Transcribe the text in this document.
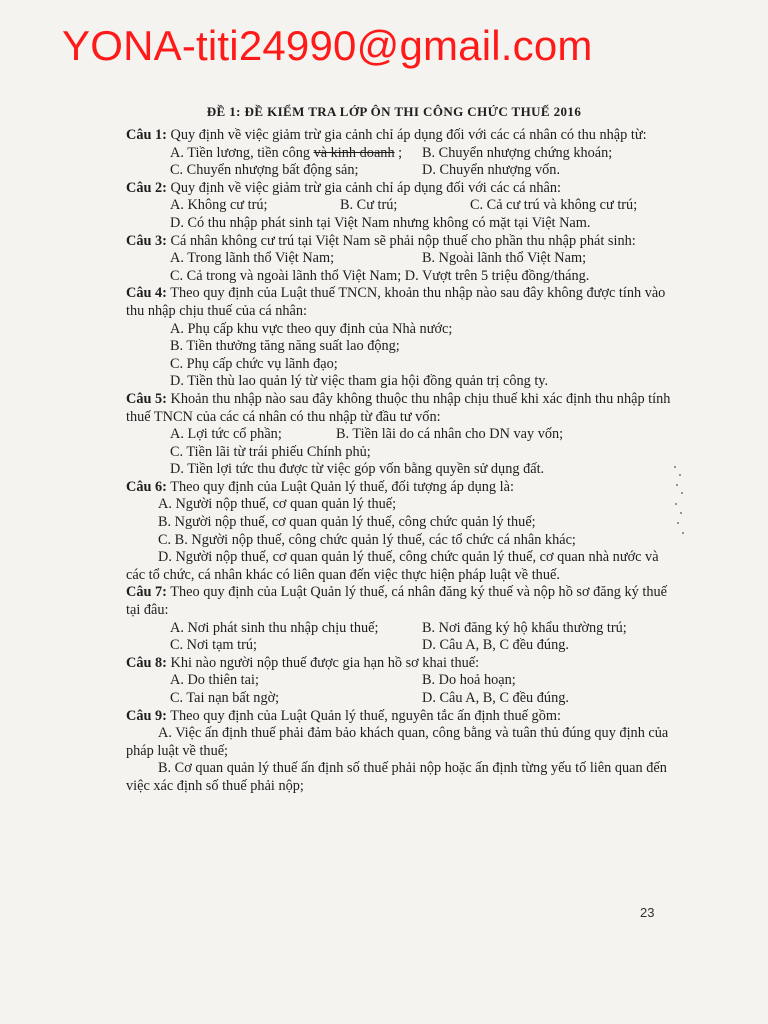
YONA-titi24990@gmail.com
ĐỀ 1: ĐỀ KIỂM TRA LỚP ÔN THI CÔNG CHỨC THUẾ 2016

Câu 1: Quy định về việc giảm trừ gia cảnh chỉ áp dụng đối với các cá nhân có thu nhập từ:

A. Tiền lương, tiền công và kinh doanh ;	B. Chuyển nhượng chứng khoán;
C. Chuyển nhượng bất động sản;	D. Chuyển nhượng vốn.

Câu 2: Quy định về việc giảm trừ gia cảnh chỉ áp dụng đối với các cá nhân:

A. Không cư trú;	B. Cư trú;	C. Cả cư trú và không cư trú;

D. Có thu nhập phát sinh tại Việt Nam nhưng không có mặt tại Việt Nam.

Câu 3: Cá nhân không cư trú tại Việt Nam sẽ phải nộp thuế cho phần thu nhập phát sinh:

A. Trong lãnh thổ Việt Nam;	B. Ngoài lãnh thổ Việt Nam;

C. Cả trong và ngoài lãnh thổ Việt Nam; D. Vượt trên 5 triệu đồng/tháng.

Câu 4: Theo quy định của Luật thuế TNCN, khoản thu nhập nào sau đây không được tính vào thu nhập chịu thuế của cá nhân:

A. Phụ cấp khu vực theo quy định của Nhà nước;

B. Tiền thưởng tăng năng suất lao động;

C. Phụ cấp chức vụ lãnh đạo;

D. Tiền thù lao quản lý từ việc tham gia hội đồng quản trị công ty.

Câu 5: Khoản thu nhập nào sau đây không thuộc thu nhập chịu thuế khi xác định thu nhập tính thuế TNCN của các cá nhân có thu nhập từ đầu tư vốn:

A. Lợi tức cổ phần;	B. Tiền lãi do cá nhân cho DN vay vốn;

C. Tiền lãi từ trái phiếu Chính phủ;

D. Tiền lợi tức thu được từ việc góp vốn bằng quyền sử dụng đất.

Câu 6: Theo quy định của Luật Quản lý thuế, đối tượng áp dụng là:

A. Người nộp thuế, cơ quan quản lý thuế;

B. Người nộp thuế, cơ quan quản lý thuế, công chức quản lý thuế;

C. B. Người nộp thuế, công chức quản lý thuế, các tổ chức cá nhân khác;

D. Người nộp thuế, cơ quan quản lý thuế, công chức quản lý thuế, cơ quan nhà nước và các tổ chức, cá nhân khác có liên quan đến việc thực hiện pháp luật về thuế.

Câu 7: Theo quy định của Luật Quản lý thuế, cá nhân đăng ký thuế và nộp hồ sơ đăng ký thuế tại đâu:

A. Nơi phát sinh thu nhập chịu thuế;	B. Nơi đăng ký hộ khẩu thường trú;
C. Nơi tạm trú;	D. Câu A, B, C đều đúng.

Câu 8: Khi nào người nộp thuế được gia hạn hồ sơ khai thuế:

A. Do thiên tai;	B. Do hoả hoạn;
C. Tai nạn bất ngờ;	D. Câu A, B, C đều đúng.

Câu 9: Theo quy định của Luật Quản lý thuế, nguyên tắc ấn định thuế gồm:

A. Việc ấn định thuế phải đảm bảo khách quan, công bằng và tuân thủ đúng quy định của pháp luật về thuế;

B. Cơ quan quản lý thuế ấn định số thuế phải nộp hoặc ấn định từng yếu tố liên quan đến việc xác định số thuế phải nộp;

23
